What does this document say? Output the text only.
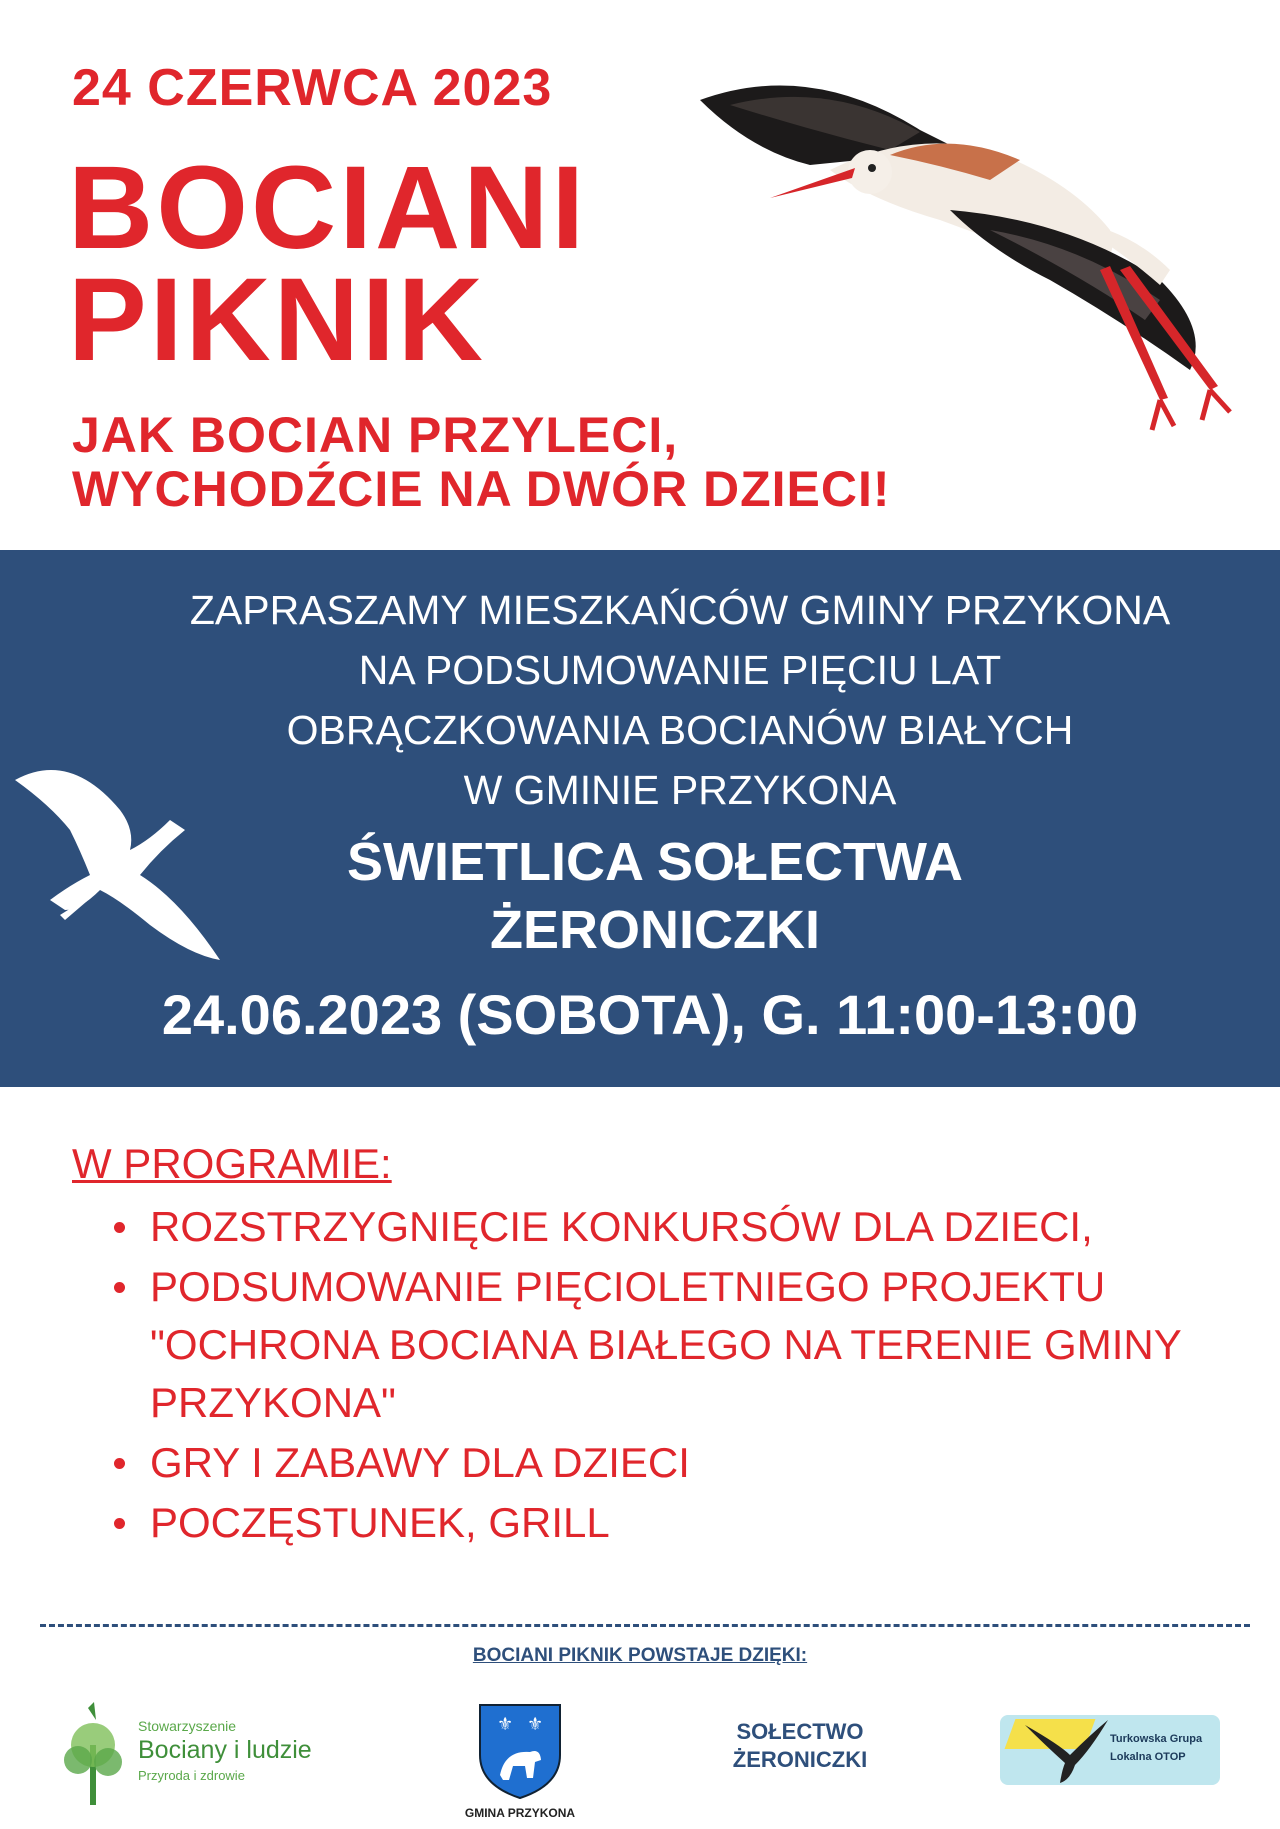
24 CZERWCA 2023
BOCIANI
PIKNIK
JAK BOCIAN PRZYLECI,
WYCHODŹCIE NA DWÓR DZIECI!
ZAPRASZAMY MIESZKAŃCÓW GMINY PRZYKONA
NA PODSUMOWANIE PIĘCIU LAT
OBRĄCZKOWANIA BOCIANÓW BIAŁYCH
W GMINIE PRZYKONA
ŚWIETLICA SOŁECTWA
ŻERONICZKI
24.06.2023 (SOBOTA), G. 11:00-13:00
W PROGRAMIE:
ROZSTRZYGNIĘCIE KONKURSÓW DLA DZIECI,
PODSUMOWANIE PIĘCIOLETNIEGO PROJEKTU "OCHRONA BOCIANA BIAŁEGO NA TERENIE GMINY PRZYKONA"
GRY I ZABAWY DLA DZIECI
POCZĘSTUNEK, GRILL
BOCIANI PIKNIK POWSTAJE DZIĘKI:
Stowarzyszenie
Bociany i ludzie
Przyroda i zdrowie
⚜ ⚜
GMINA PRZYKONA
SOŁECTWO
ŻERONICZKI
Turkowska Grupa
Lokalna OTOP
